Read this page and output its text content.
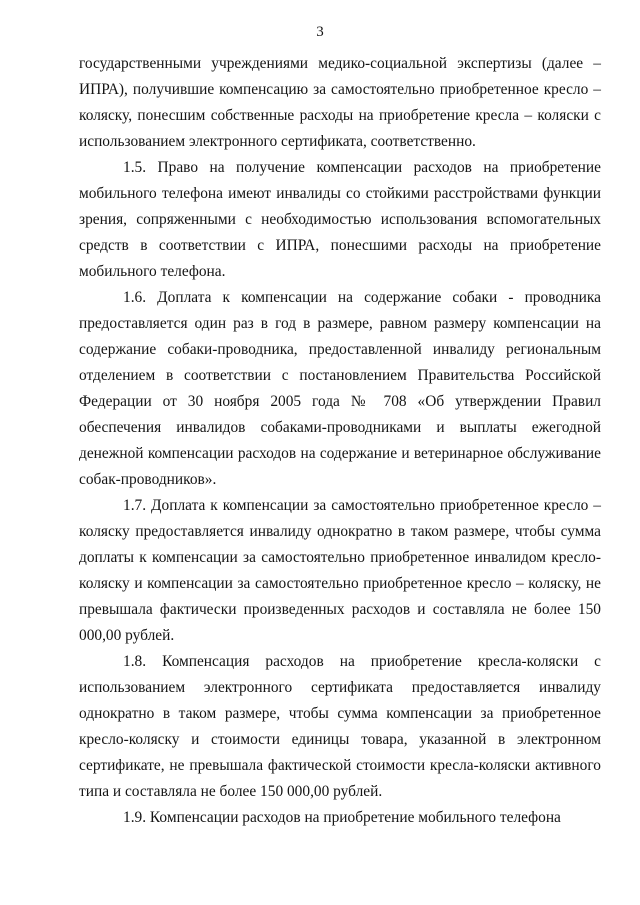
3

государственными учреждениями медико-социальной экспертизы (далее – ИПРА), получившие компенсацию за самостоятельно приобретенное кресло – коляску, понесшим собственные расходы на приобретение кресла – коляски с использованием электронного сертификата, соответственно.

1.5. Право на получение компенсации расходов на приобретение мобильного телефона имеют инвалиды со стойкими расстройствами функции зрения, сопряженными с необходимостью использования вспомогательных средств в соответствии с ИПРА, понесшими расходы на приобретение мобильного телефона.

1.6. Доплата к компенсации на содержание собаки - проводника предоставляется один раз в год в размере, равном размеру компенсации на содержание собаки-проводника, предоставленной инвалиду региональным отделением в соответствии с постановлением Правительства Российской Федерации от 30 ноября 2005 года № 708 «Об утверждении Правил обеспечения инвалидов собаками-проводниками и выплаты ежегодной денежной компенсации расходов на содержание и ветеринарное обслуживание собак-проводников».

1.7. Доплата к компенсации за самостоятельно приобретенное кресло – коляску предоставляется инвалиду однократно в таком размере, чтобы сумма доплаты к компенсации за самостоятельно приобретенное инвалидом кресло-коляску и компенсации за самостоятельно приобретенное кресло – коляску, не превышала фактически произведенных расходов и составляла не более 150 000,00 рублей.

1.8. Компенсация расходов на приобретение кресла-коляски с использованием электронного сертификата предоставляется инвалиду однократно в таком размере, чтобы сумма компенсации за приобретенное кресло-коляску и стоимости единицы товара, указанной в электронном сертификате, не превышала фактической стоимости кресла-коляски активного типа и составляла не более 150 000,00 рублей.

1.9. Компенсации расходов на приобретение мобильного телефона
